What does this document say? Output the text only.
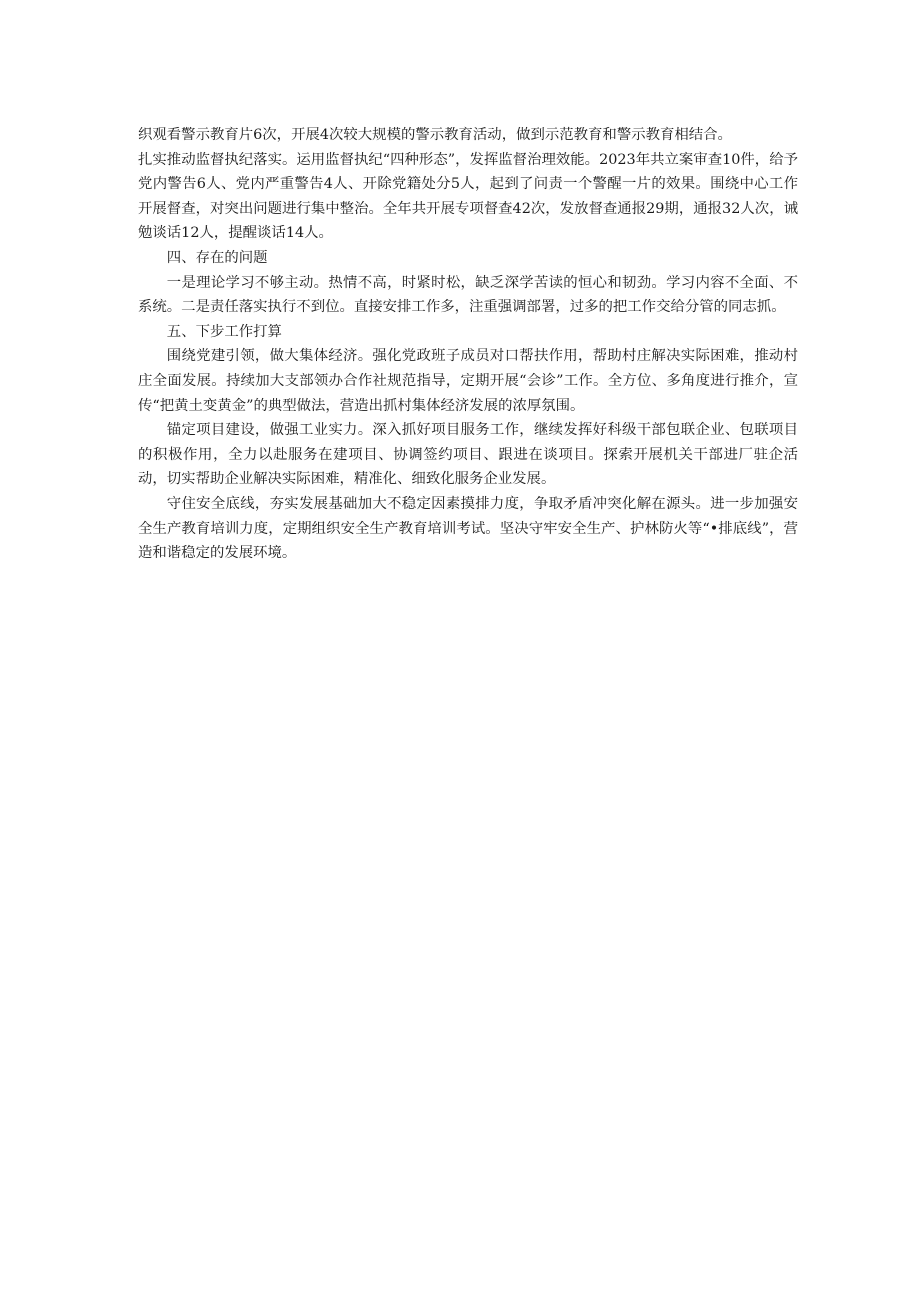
织观看警示教育片6次，开展4次较大规模的警示教育活动，做到示范教育和警示教育相结合。

扎实推动监督执纪落实。运用监督执纪“四种形态”，发挥监督治理效能。2023年共立案审查10件，给予党内警告6人、党内严重警告4人、开除党籍处分5人，起到了问责一个警醒一片的效果。围绕中心工作开展督查，对突出问题进行集中整治。全年共开展专项督查42次，发放督查通报29期，通报32人次，诫勉谈话12人，提醒谈话14人。

四、存在的问题

一是理论学习不够主动。热情不高，时紧时松，缺乏深学苦读的恒心和韧劲。学习内容不全面、不系统。二是责任落实执行不到位。直接安排工作多，注重强调部署，过多的把工作交给分管的同志抓。

五、下步工作打算

围绕党建引领，做大集体经济。强化党政班子成员对口帮扶作用，帮助村庄解决实际困难，推动村庄全面发展。持续加大支部领办合作社规范指导，定期开展“会诊”工作。全方位、多角度进行推介，宣传“把黄土变黄金”的典型做法，营造出抓村集体经济发展的浓厚氛围。

锚定项目建设，做强工业实力。深入抓好项目服务工作，继续发挥好科级干部包联企业、包联项目的积极作用，全力以赴服务在建项目、协调签约项目、跟进在谈项目。探索开展机关干部进厂驻企活动，切实帮助企业解决实际困难，精准化、细致化服务企业发展。

守住安全底线，夯实发展基础加大不稳定因素摸排力度，争取矛盾冲突化解在源头。进一步加强安全生产教育培训力度，定期组织安全生产教育培训考试。坚决守牢安全生产、护林防火等“•排底线”，营造和谐稳定的发展环境。
